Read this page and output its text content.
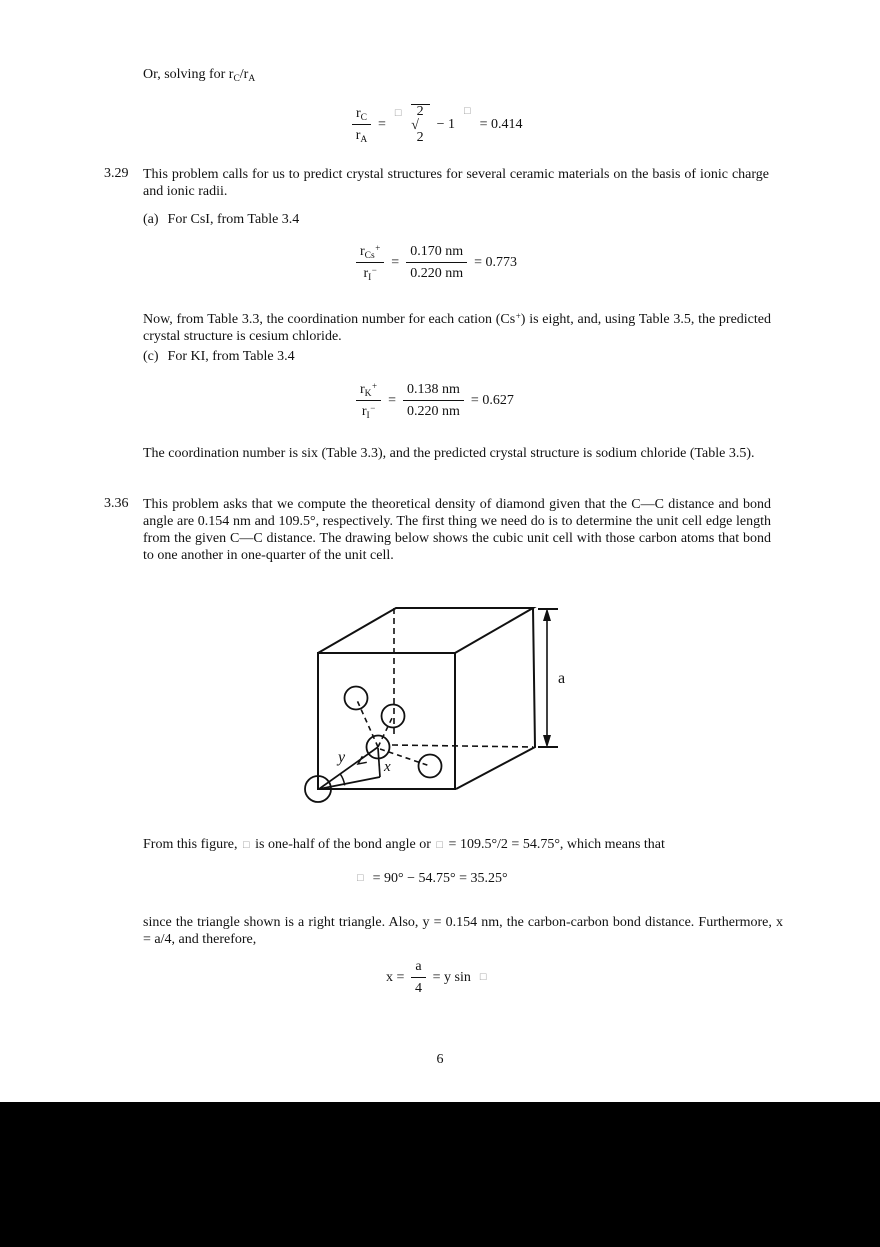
Or, solving for $r_C/r_A$
$\frac{r_C}{r_A}$ =
□	2
√
2
− 1
□
= 0.414
3.29 This problem calls for us to predict crystal structures for several ceramic materials on the basis of ionic charge and ionic radii.
(a) For CsI, from Table 3.4
$\frac{r_{Cs}^+}{r_I^-} = \frac{0.170 nm}{0.220 nm} = 0.773$
Now, from Table 3.3, the coordination number for each cation (Cs+) is eight, and, using Table 3.5, the predicted crystal structure is cesium chloride.
(c) For KI, from Table 3.4
$\frac{r_K^+}{r_I^-} = \frac{0.138 nm}{0.220 nm} = 0.627$
The coordination number is six (Table 3.3), and the predicted crystal structure is sodium chloride (Table 3.5).
3.36 This problem asks that we compute the theoretical density of diamond given that the C—C distance and bond angle are 0.154 nm and 109.5°, respectively. The first thing we need do is to determine the unit cell edge length from the given C—C distance. The drawing below shows the cubic unit cell with those carbon atoms that bond to one another in one-quarter of the unit cell.
a
y
x
From this figure, □ is one-half of the bond angle or □ = 109.5°/2 = 54.75°, which means that
□ = 90° − 54.75° = 35.25°
since the triangle shown is a right triangle. Also, y = 0.154 nm, the carbon-carbon bond distance. Furthermore, x = a/4, and therefore,
$x = \frac{a}{4} = y$ sin □
6
